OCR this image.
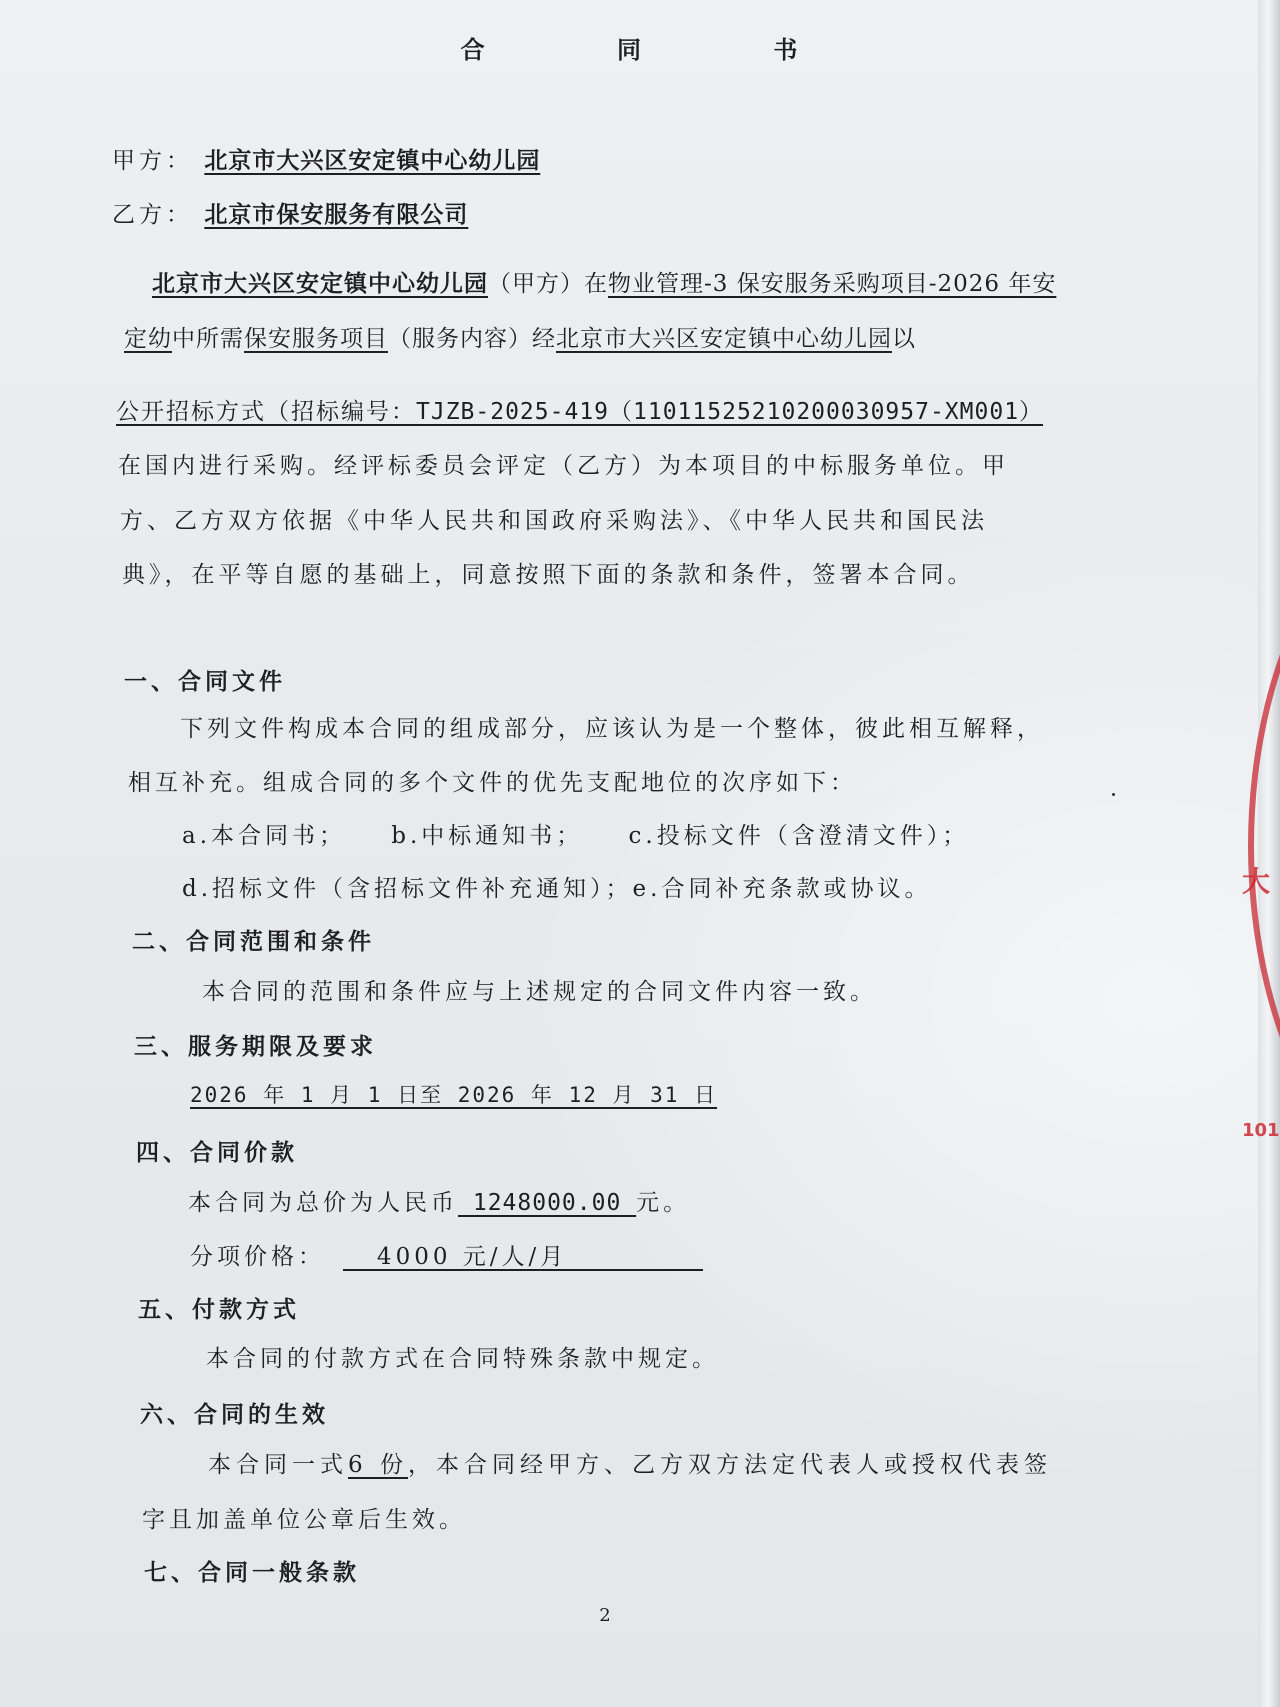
大
101
合 同 书
甲方： 北京市大兴区安定镇中心幼儿园
乙方： 北京市保安服务有限公司
北京市大兴区安定镇中心幼儿园（甲方）在物业管理-3 保安服务采购项目-2026 年安
定幼中所需保安服务项目（服务内容）经北京市大兴区安定镇中心幼儿园以
公开招标方式（招标编号：TJZB-2025-419（11011525210200030957-XM001）
在国内进行采购。经评标委员会评定（乙方）为本项目的中标服务单位。甲
方、乙方双方依据《中华人民共和国政府采购法》、《中华人民共和国民法
典》，在平等自愿的基础上，同意按照下面的条款和条件，签署本合同。
一、合同文件
下列文件构成本合同的组成部分，应该认为是一个整体，彼此相互解释，
相互补充。组成合同的多个文件的优先支配地位的次序如下：
a.本合同书；    b.中标通知书；    c.投标文件（含澄清文件）；
d.招标文件（含招标文件补充通知）；e.合同补充条款或协议。
二、合同范围和条件
本合同的范围和条件应与上述规定的合同文件内容一致。
三、服务期限及要求
2026 年 1 月 1 日至 2026 年 12 月 31 日
四、合同价款
本合同为总价为人民币 1248000.00 元。
分项价格：   4000 元/人/月
五、付款方式
本合同的付款方式在合同特殊条款中规定。
六、合同的生效
本合同一式6 份，本合同经甲方、乙方双方法定代表人或授权代表签
字且加盖单位公章后生效。
七、合同一般条款
2
